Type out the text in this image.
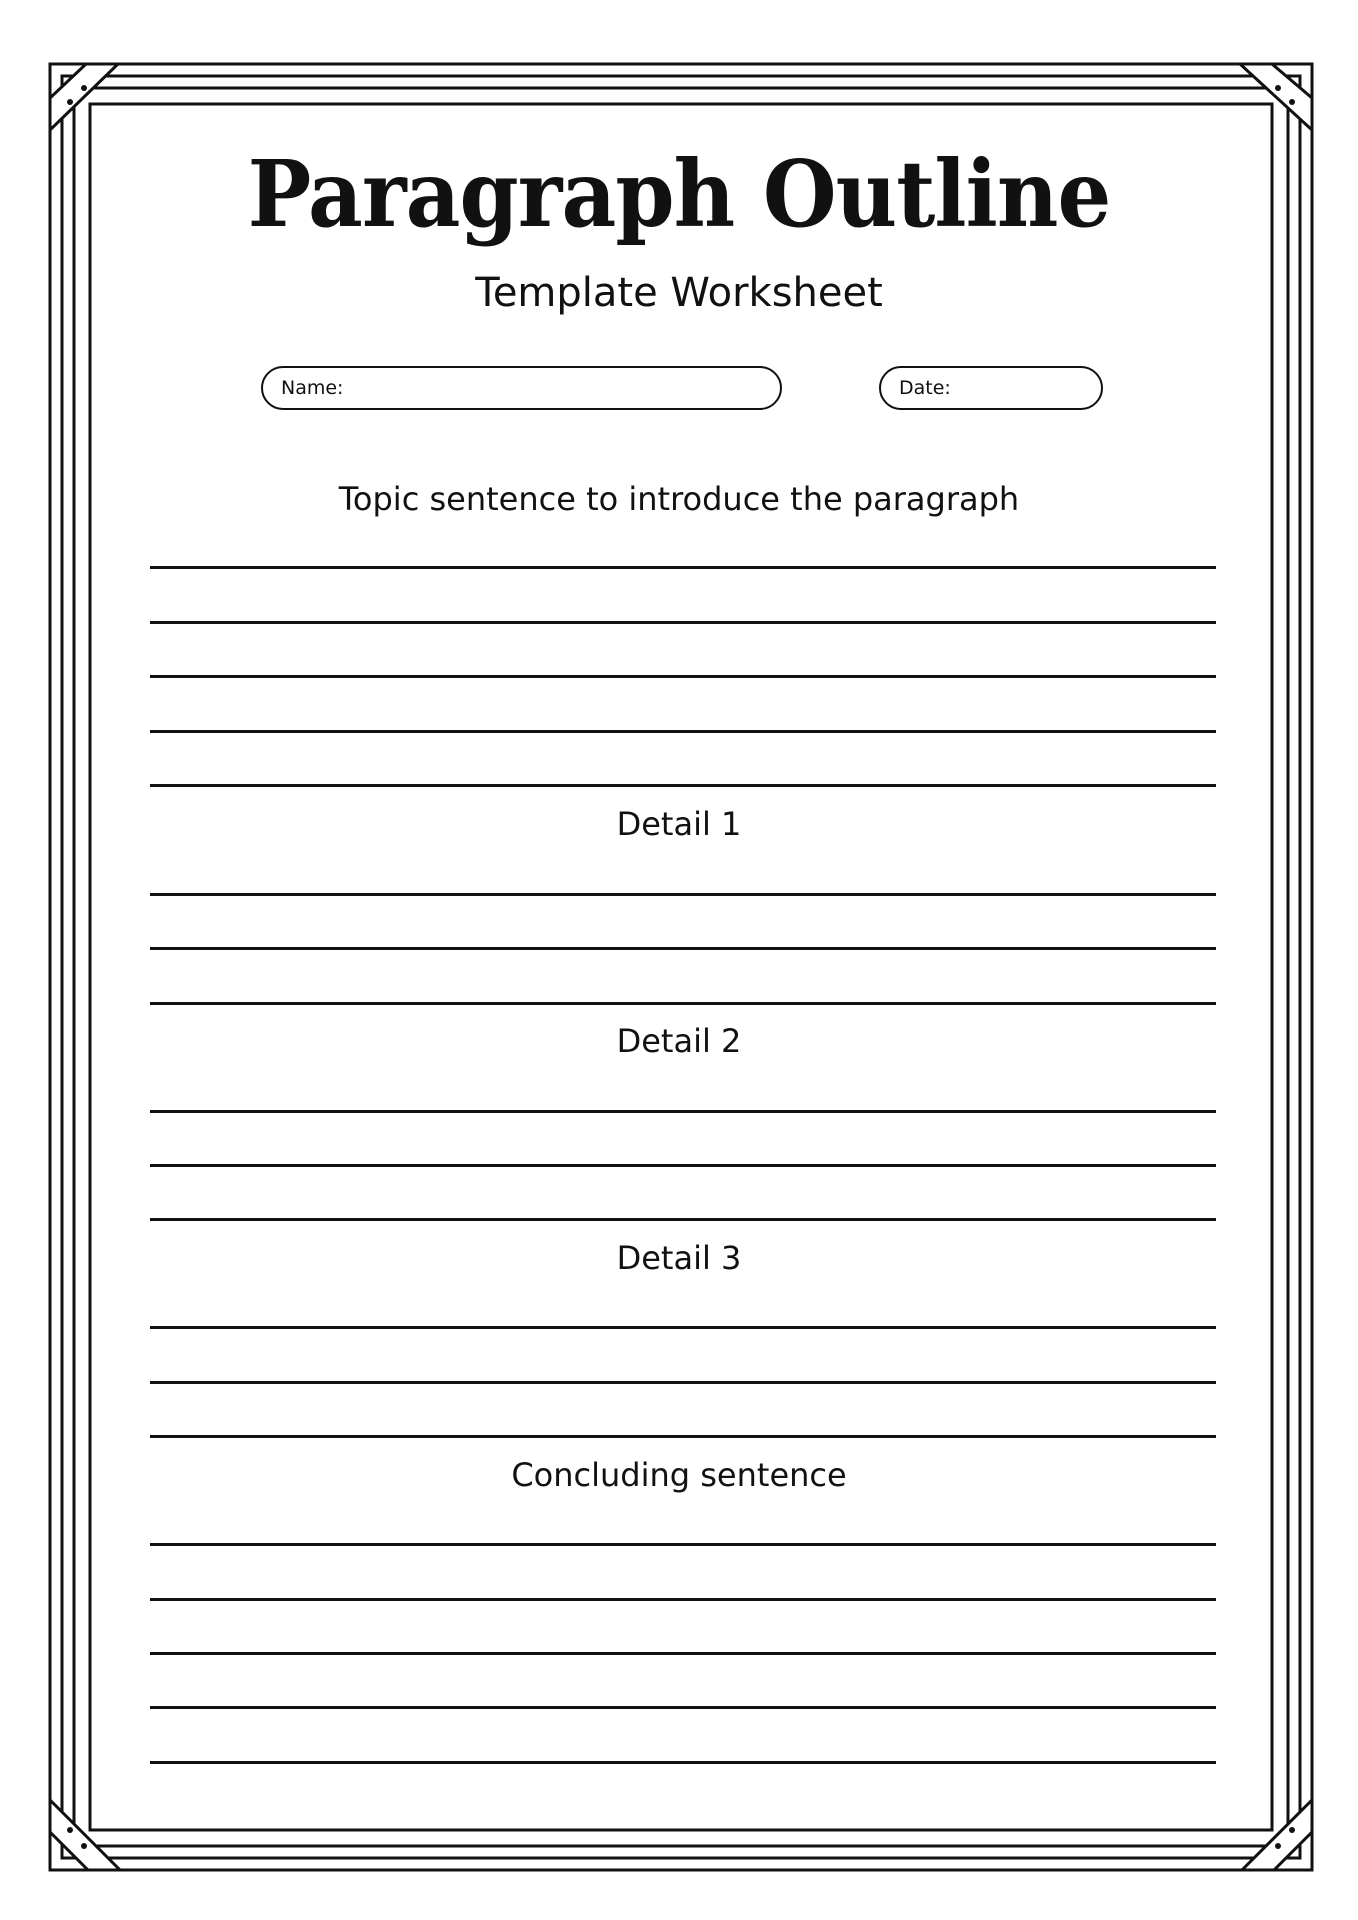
Paragraph Outline
Template Worksheet
Name:	Date:
Topic sentence to introduce the paragraph
Detail 1
Detail 2
Detail 3
Concluding sentence
